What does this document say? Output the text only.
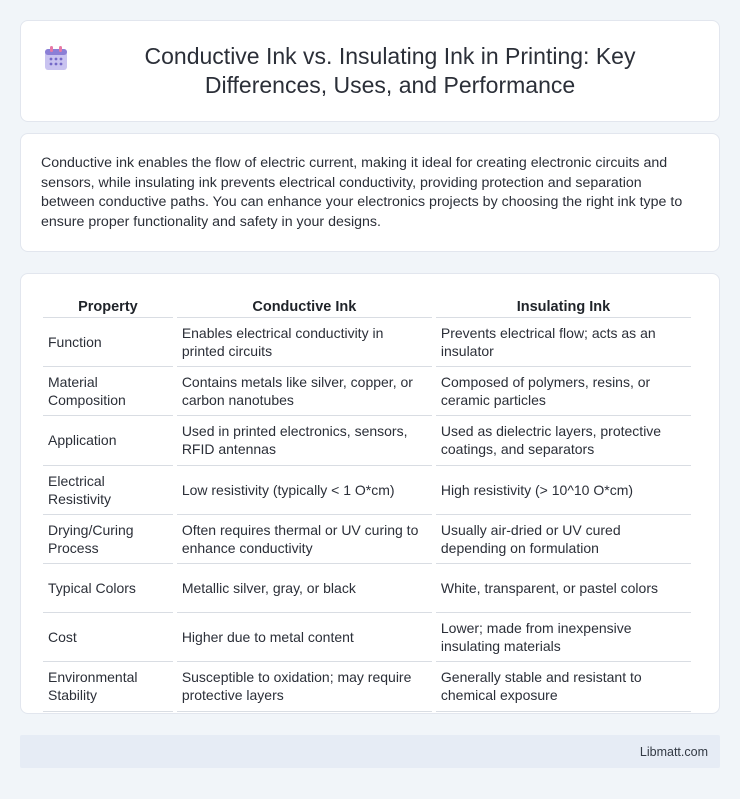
Conductive Ink vs. Insulating Ink in Printing: Key Differences, Uses, and Performance

Conductive ink enables the flow of electric current, making it ideal for creating electronic circuits and sensors, while insulating ink prevents electrical conductivity, providing protection and separation between conductive paths. You can enhance your electronics projects by choosing the right ink type to ensure proper functionality and safety in your designs.

Property	Conductive Ink	Insulating Ink
Function	Enables electrical conductivity in printed circuits	Prevents electrical flow; acts as an insulator
Material Composition	Contains metals like silver, copper, or carbon nanotubes	Composed of polymers, resins, or ceramic particles
Application	Used in printed electronics, sensors, RFID antennas	Used as dielectric layers, protective coatings, and separators
Electrical Resistivity	Low resistivity (typically < 1 O*cm)	High resistivity (> 10^10 O*cm)
Drying/Curing Process	Often requires thermal or UV curing to enhance conductivity	Usually air-dried or UV cured depending on formulation
Typical Colors	Metallic silver, gray, or black	White, transparent, or pastel colors
Cost	Higher due to metal content	Lower; made from inexpensive insulating materials
Environmental Stability	Susceptible to oxidation; may require protective layers	Generally stable and resistant to chemical exposure
Libmatt.com
